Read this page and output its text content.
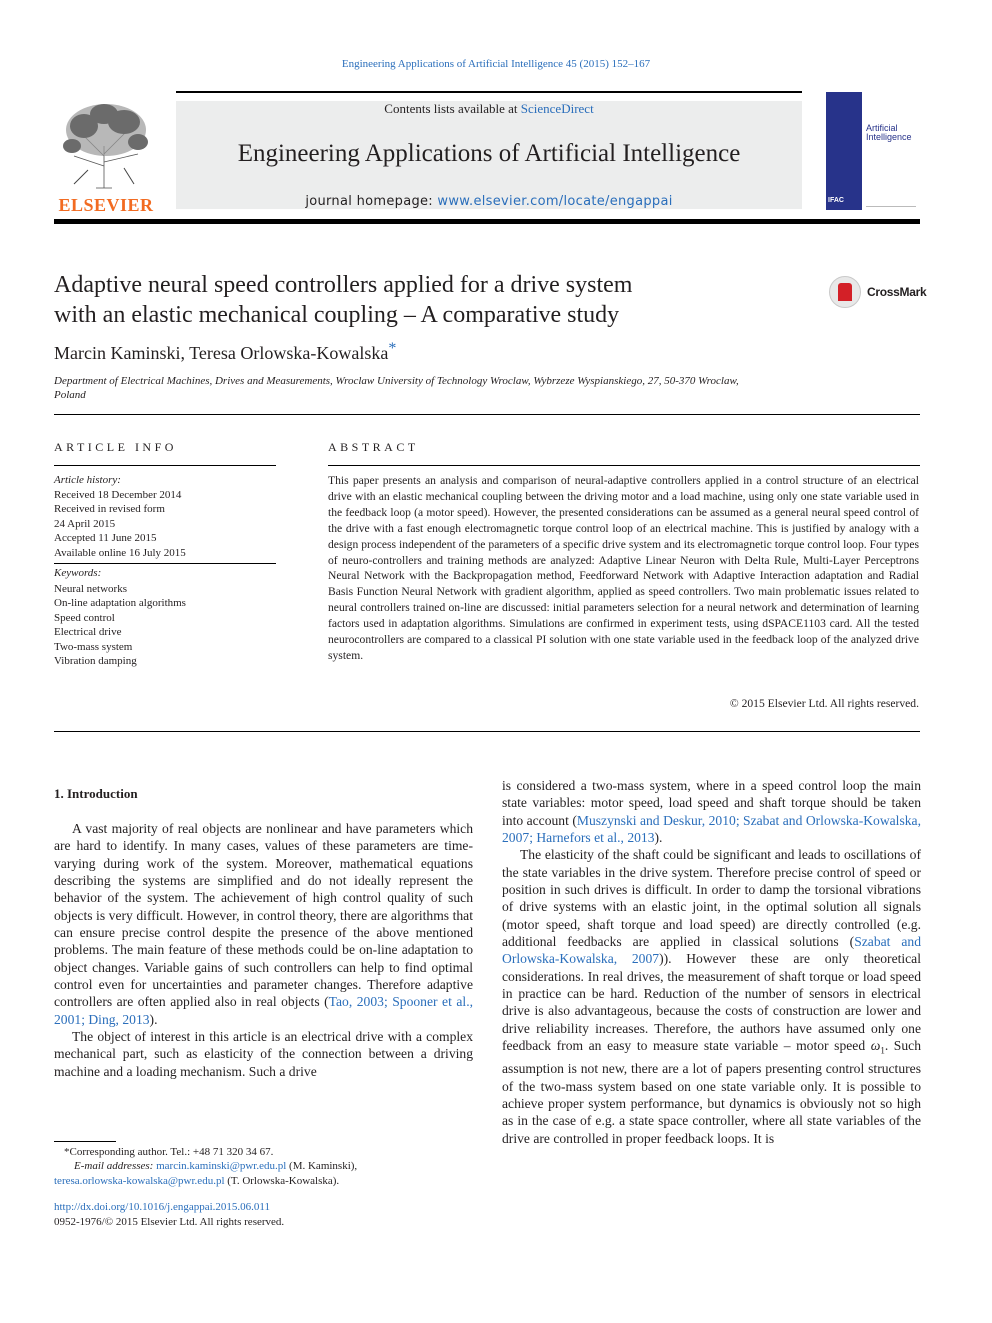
Engineering Applications of Artificial Intelligence 45 (2015) 152–167
ELSEVIER
Contents lists available at ScienceDirect
Engineering Applications of Artificial Intelligence
journal homepage: www.elsevier.com/locate/engappai
Artificial
Intelligence
IFAC
Adaptive neural speed controllers applied for a drive system
with an elastic mechanical coupling – A comparative study
CrossMark
Marcin Kaminski, Teresa Orlowska-Kowalska*
Department of Electrical Machines, Drives and Measurements, Wroclaw University of Technology Wroclaw, Wybrzeze Wyspianskiego, 27, 50-370 Wroclaw,
Poland
ARTICLE INFO
Article history:
Received 18 December 2014
Received in revised form
24 April 2015
Accepted 11 June 2015
Available online 16 July 2015
Keywords:
Neural networks
On-line adaptation algorithms
Speed control
Electrical drive
Two-mass system
Vibration damping
ABSTRACT
This paper presents an analysis and comparison of neural-adaptive controllers applied in a control structure of an electrical drive with an elastic mechanical coupling between the driving motor and a load machine, using only one state variable used in the feedback loop (a motor speed). However, the presented considerations can be assumed as a general neural speed control of the drive with a fast enough electromagnetic torque control loop of an electrical machine. This is justified by analogy with a design process independent of the parameters of a specific drive system and its electromagnetic torque control loop. Four types of neuro-controllers and training methods are analyzed: Adaptive Linear Neuron with Delta Rule, Multi-Layer Perceptrons Neural Network with the Backpropagation method, Feedforward Network with Adaptive Interaction adaptation and Radial Basis Function Neural Network with gradient algorithm, applied as speed controllers. Two main problematic issues related to neural controllers trained on-line are discussed: initial parameters selection for a neural network and determination of learning factors used in adaptation algorithms. Simulations are confirmed in experiment tests, using dSPACE1103 card. All the tested neurocontrollers are compared to a classical PI solution with one state variable used in the feedback loop of the analyzed drive system.
© 2015 Elsevier Ltd. All rights reserved.
1. Introduction

A vast majority of real objects are nonlinear and have parameters which are hard to identify. In many cases, values of these parameters are time-varying during work of the system. Moreover, mathematical equations describing the systems are simplified and do not ideally represent the behavior of the system. The achievement of high control quality of such objects is very difficult. However, in control theory, there are algorithms that can ensure precise control despite the presence of the above mentioned problems. The main feature of these methods could be on-line adaptation to object changes. Variable gains of such controllers can help to find optimal control even for uncertainties and parameter changes. Therefore adaptive controllers are often applied also in real objects (Tao, 2003; Spooner et al., 2001; Ding, 2013).

The object of interest in this article is an electrical drive with a complex mechanical part, such as elasticity of the connection between a driving machine and a loading mechanism. Such a drive

is considered a two-mass system, where in a speed control loop the main state variables: motor speed, load speed and shaft torque should be taken into account (Muszynski and Deskur, 2010; Szabat and Orlowska-Kowalska, 2007; Harnefors et al., 2013).

The elasticity of the shaft could be significant and leads to oscillations of the state variables in the drive system. Therefore precise control of speed or position in such drives is difficult. In order to damp the torsional vibrations of drive systems with an elastic joint, in the optimal solution all signals (motor speed, shaft torque and load speed) are directly controlled (e.g. additional feedbacks are applied in classical solutions (Szabat and Orlowska-Kowalska, 2007)). However these are only theoretical considerations. In real drives, the measurement of shaft torque or load speed in practice can be hard. Reduction of the number of sensors in electrical drive is also advantageous, because the costs of construction are lower and drive reliability increases. Therefore, the authors have assumed only one feedback from an easy to measure state variable – motor speed $\omega_1$. Such assumption is not new, there are a lot of papers presenting control structures of the two-mass system based on one state variable only. It is possible to achieve proper system performance, but dynamics is obviously not so high as in the case of e.g. a state space controller, where all state variables of the drive are controlled in proper feedback loops. It is

*Corresponding author. Tel.: +48 71 320 34 67.
E-mail addresses: marcin.kaminski@pwr.edu.pl (M. Kaminski),
teresa.orlowska-kowalska@pwr.edu.pl (T. Orlowska-Kowalska).
http://dx.doi.org/10.1016/j.engappai.2015.06.011
0952-1976/© 2015 Elsevier Ltd. All rights reserved.
